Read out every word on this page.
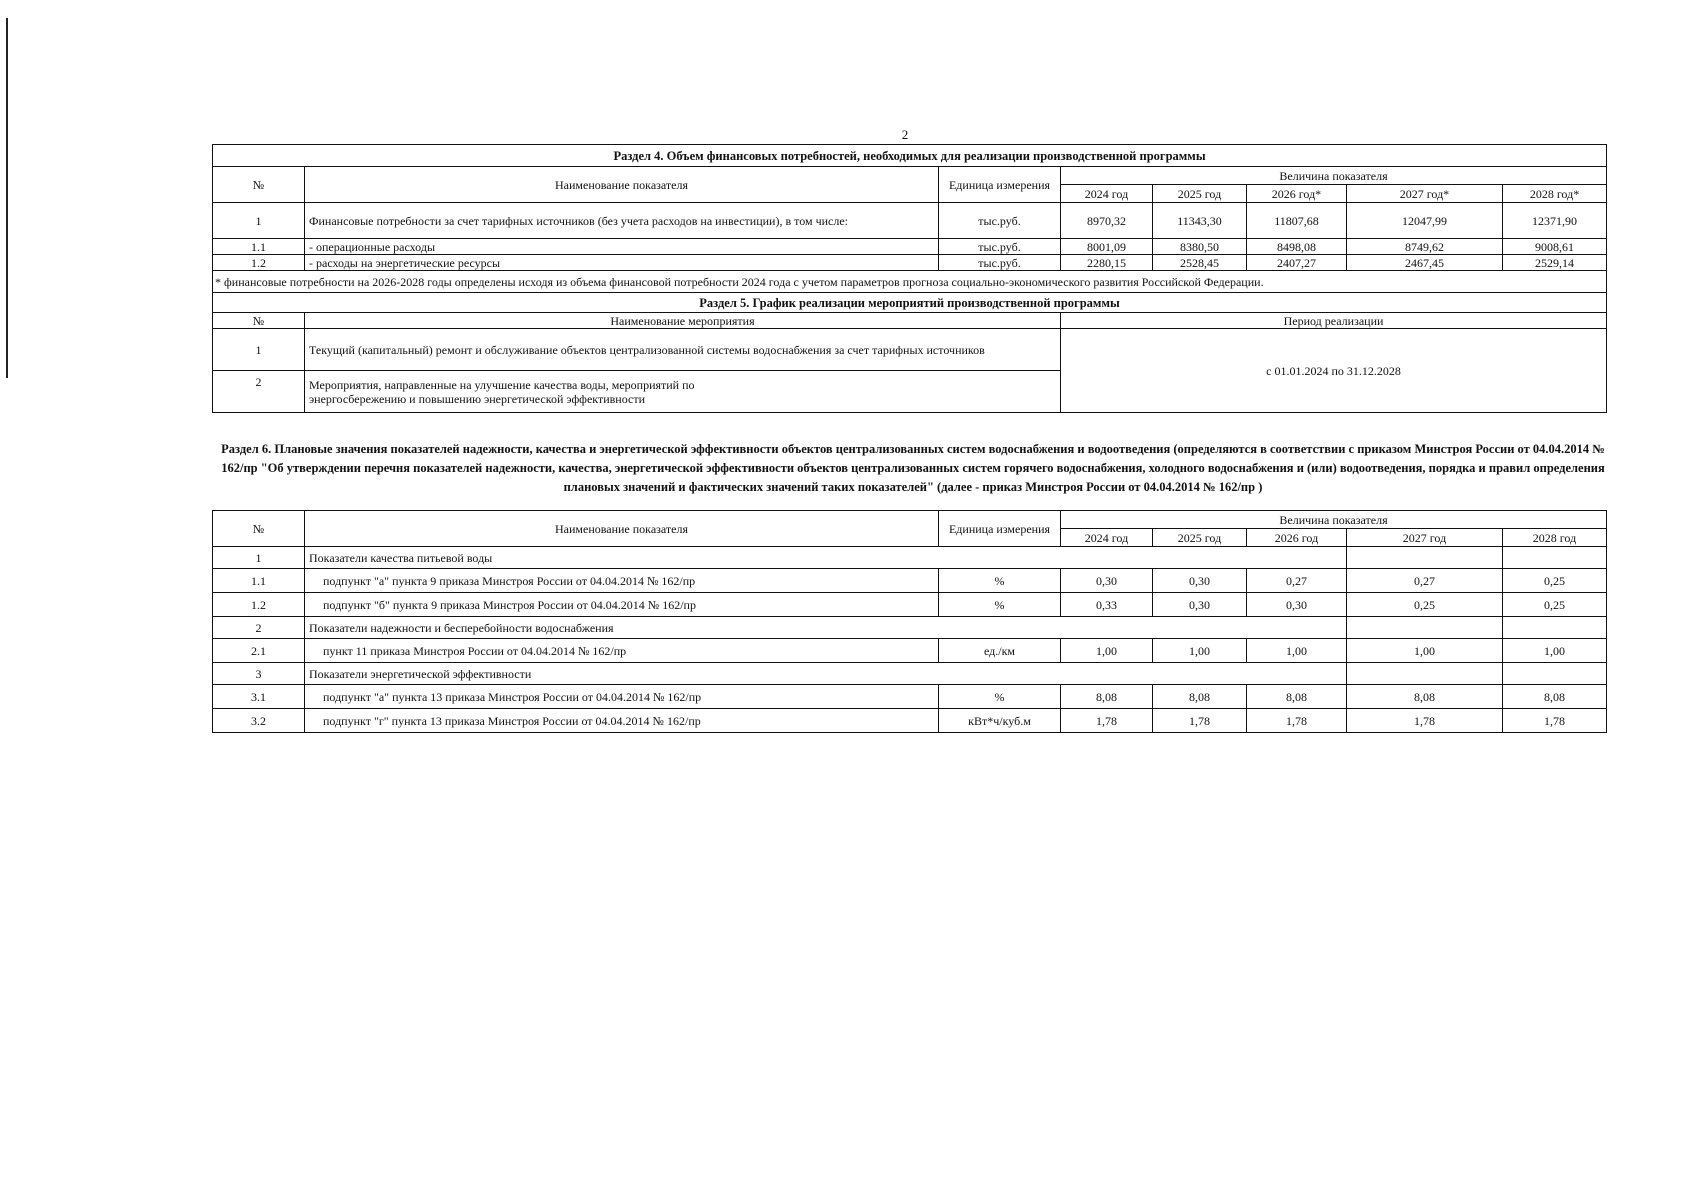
2
Раздел 4. Объем финансовых потребностей, необходимых для реализации производственной программы							
№	Наименование показателя	Единица измерения	Величина показателя				
			2024 год	2025 год	2026 год*	2027 год*	2028 год*
1	Финансовые потребности за счет тарифных источников (без учета расходов на инвестиции), в том числе:	тыс.руб.	8970,32	11343,30	11807,68	12047,99	12371,90
1.1	- операционные расходы	тыс.руб.	8001,09	8380,50	8498,08	8749,62	9008,61
1.2	- расходы на энергетические ресурсы	тыс.руб.	2280,15	2528,45	2407,27	2467,45	2529,14
* финансовые потребности на 2026-2028 годы определены исходя из объема финансовой потребности 2024 года с учетом параметров прогноза социально-экономического развития Российской Федерации.							
Раздел 5. График реализации мероприятий производственной программы							
№	Наименование мероприятия		Период реализации				
1	Текущий (капитальный) ремонт и обслуживание объектов централизованной системы водоснабжения за счет тарифных источников		с 01.01.2024 по 31.12.2028				
2	Мероприятия, направленные на улучшение качества воды, мероприятий по энергосбережению и повышению энергетической эффективности						
Раздел 6. Плановые значения показателей надежности, качества и энергетической эффективности объектов централизованных систем водоснабжения и водоотведения (определяются в соответствии с приказом Минстроя России от 04.04.2014 № 162/пр "Об утверждении перечня показателей надежности, качества, энергетической эффективности объектов централизованных систем горячего водоснабжения, холодного водоснабжения и (или) водоотведения, порядка и правил определения плановых значений и фактических значений таких показателей" (далее - приказ Минстроя России от 04.04.2014 № 162/пр )
№	Наименование показателя	Единица измерения	Величина показателя				
			2024 год	2025 год	2026 год	2027 год	2028 год
1	Показатели качества питьевой воды						
1.1	подпункт "а" пункта 9 приказа Минстроя России от 04.04.2014 № 162/пр	%	0,30	0,30	0,27	0,27	0,25
1.2	подпункт "б" пункта 9 приказа Минстроя России от 04.04.2014 № 162/пр	%	0,33	0,30	0,30	0,25	0,25
2	Показатели надежности и бесперебойности водоснабжения						
2.1	пункт 11 приказа Минстроя России от 04.04.2014 № 162/пр	ед./км	1,00	1,00	1,00	1,00	1,00
3	Показатели энергетической эффективности						
3.1	подпункт "а" пункта 13 приказа Минстроя России от 04.04.2014 № 162/пр	%	8,08	8,08	8,08	8,08	8,08
3.2	подпункт "г" пункта 13 приказа Минстроя России от 04.04.2014 № 162/пр	кВт*ч/куб.м	1,78	1,78	1,78	1,78	1,78
